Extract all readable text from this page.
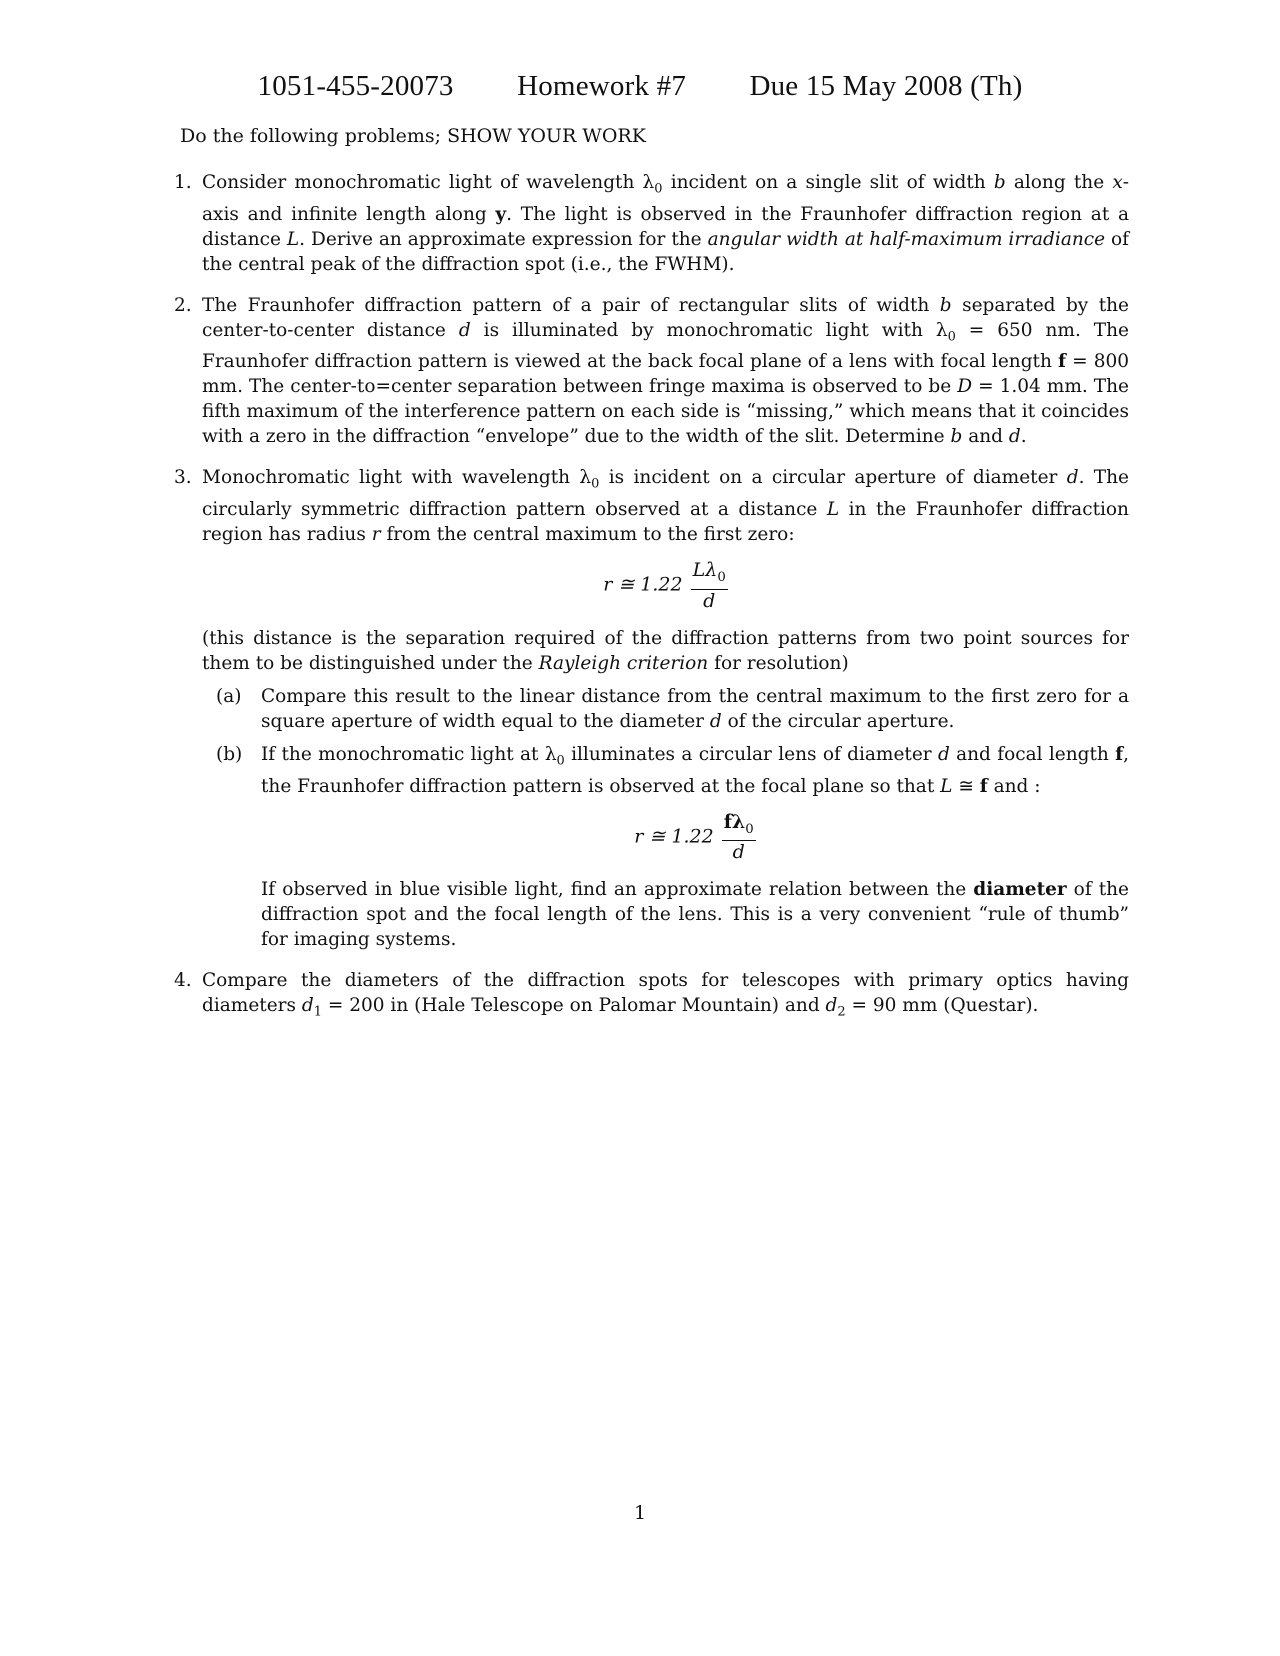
1051-455-20073 Homework #7 Due 15 May 2008 (Th)
Do the following problems; SHOW YOUR WORK
1. Consider monochromatic light of wavelength $\lambda_0$ incident on a single slit of width b along the x-axis and infinite length along y. The light is observed in the Fraunhofer diffraction region at a distance L. Derive an approximate expression for the angular width at half-maximum irradiance of the central peak of the diffraction spot (i.e., the FWHM).
2. The Fraunhofer diffraction pattern of a pair of rectangular slits of width b separated by the center-to-center distance d is illuminated by monochromatic light with $\lambda_0 = 650$ nm. The Fraunhofer diffraction pattern is viewed at the back focal plane of a lens with focal length f = 800 mm. The center-to=center separation between fringe maxima is observed to be D = 1.04 mm. The fifth maximum of the interference pattern on each side is “missing,” which means that it coincides with a zero in the diffraction “envelope” due to the width of the slit. Determine b and d.
3. Monochromatic light with wavelength $\lambda_0$ is incident on a circular aperture of diameter d. The circularly symmetric diffraction pattern observed at a distance L in the Fraunhofer diffraction region has radius r from the central maximum to the first zero:
r ≅ $1.22 \frac{L\lambda_0}{d}$
(this distance is the separation required of the diffraction patterns from two point sources for them to be distinguished under the Rayleigh criterion for resolution)
(a) Compare this result to the linear distance from the central maximum to the first zero for a square aperture of width equal to the diameter d of the circular aperture.
(b) If the monochromatic light at $\lambda_0$ illuminates a circular lens of diameter d and focal length f, the Fraunhofer diffraction pattern is observed at the focal plane so that L ≅ f and :
r ≅ $1.22 \frac{f\lambda_0}{d}$
If observed in blue visible light, find an approximate relation between the diameter of the diffraction spot and the focal length of the lens. This is a very convenient “rule of thumb” for imaging systems.
4. Compare the diameters of the diffraction spots for telescopes with primary optics having diameters $d_1 = 200$ in (Hale Telescope on Palomar Mountain) and $d_2 = 90$ mm (Questar).
1
